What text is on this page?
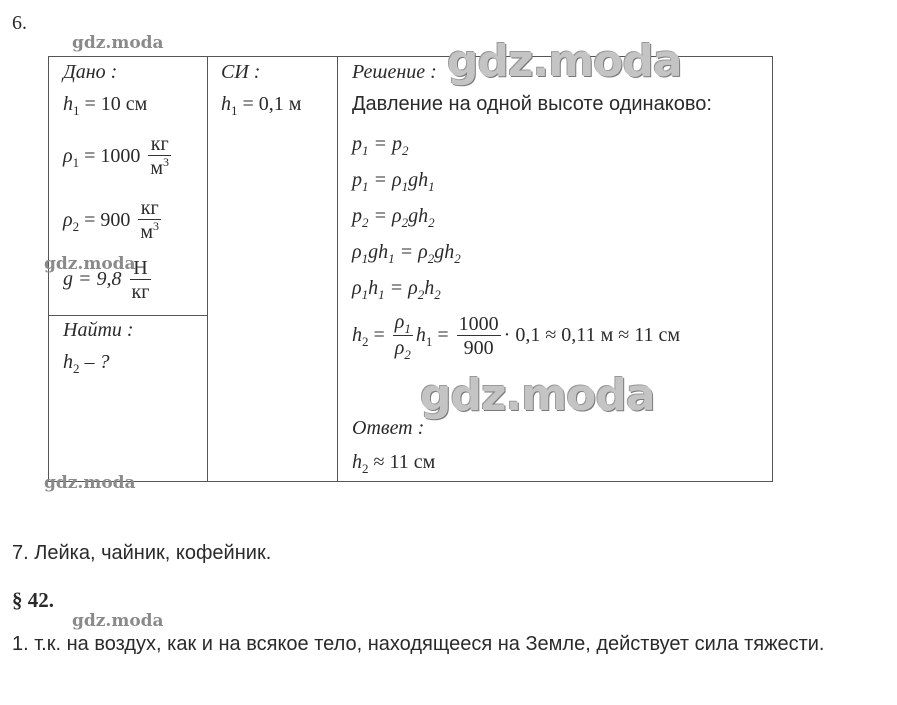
6.
Дано :
$h_1 = 10$ см
$\rho_1 = 1000 \frac{кг}{м^3}$
$\rho_2 = 900 \frac{кг}{м^3}$
$g = 9,8 \frac{Н}{кг}$
Найти :
$h_2$ – ?
СИ :
$h_1 = 0,1$ м
Решение :
Давление на одной высоте одинаково:
$p_1 = p_2$
$p_1 = \rho_1gh_1$
$p_2 = \rho_2gh_2$
$\rho_1gh_1 = \rho_2gh_2$
$\rho_1h_1 = \rho_2h_2$
$h_2 = \frac{\rho_1}{\rho_2} h_1 = \frac{1000}{900} \cdot 0,1 \approx 0,11$ м ≈ 11 см
Ответ :
$h_2 \approx 11$ см
gdz.moda
gdz.moda
gdz.moda
gdz.moda
gdz.moda
gdz.moda
7. Лейка, чайник, кофейник.
§ 42.
1. т.к. на воздух, как и на всякое тело, находящееся на Земле, действует сила тяжести.
